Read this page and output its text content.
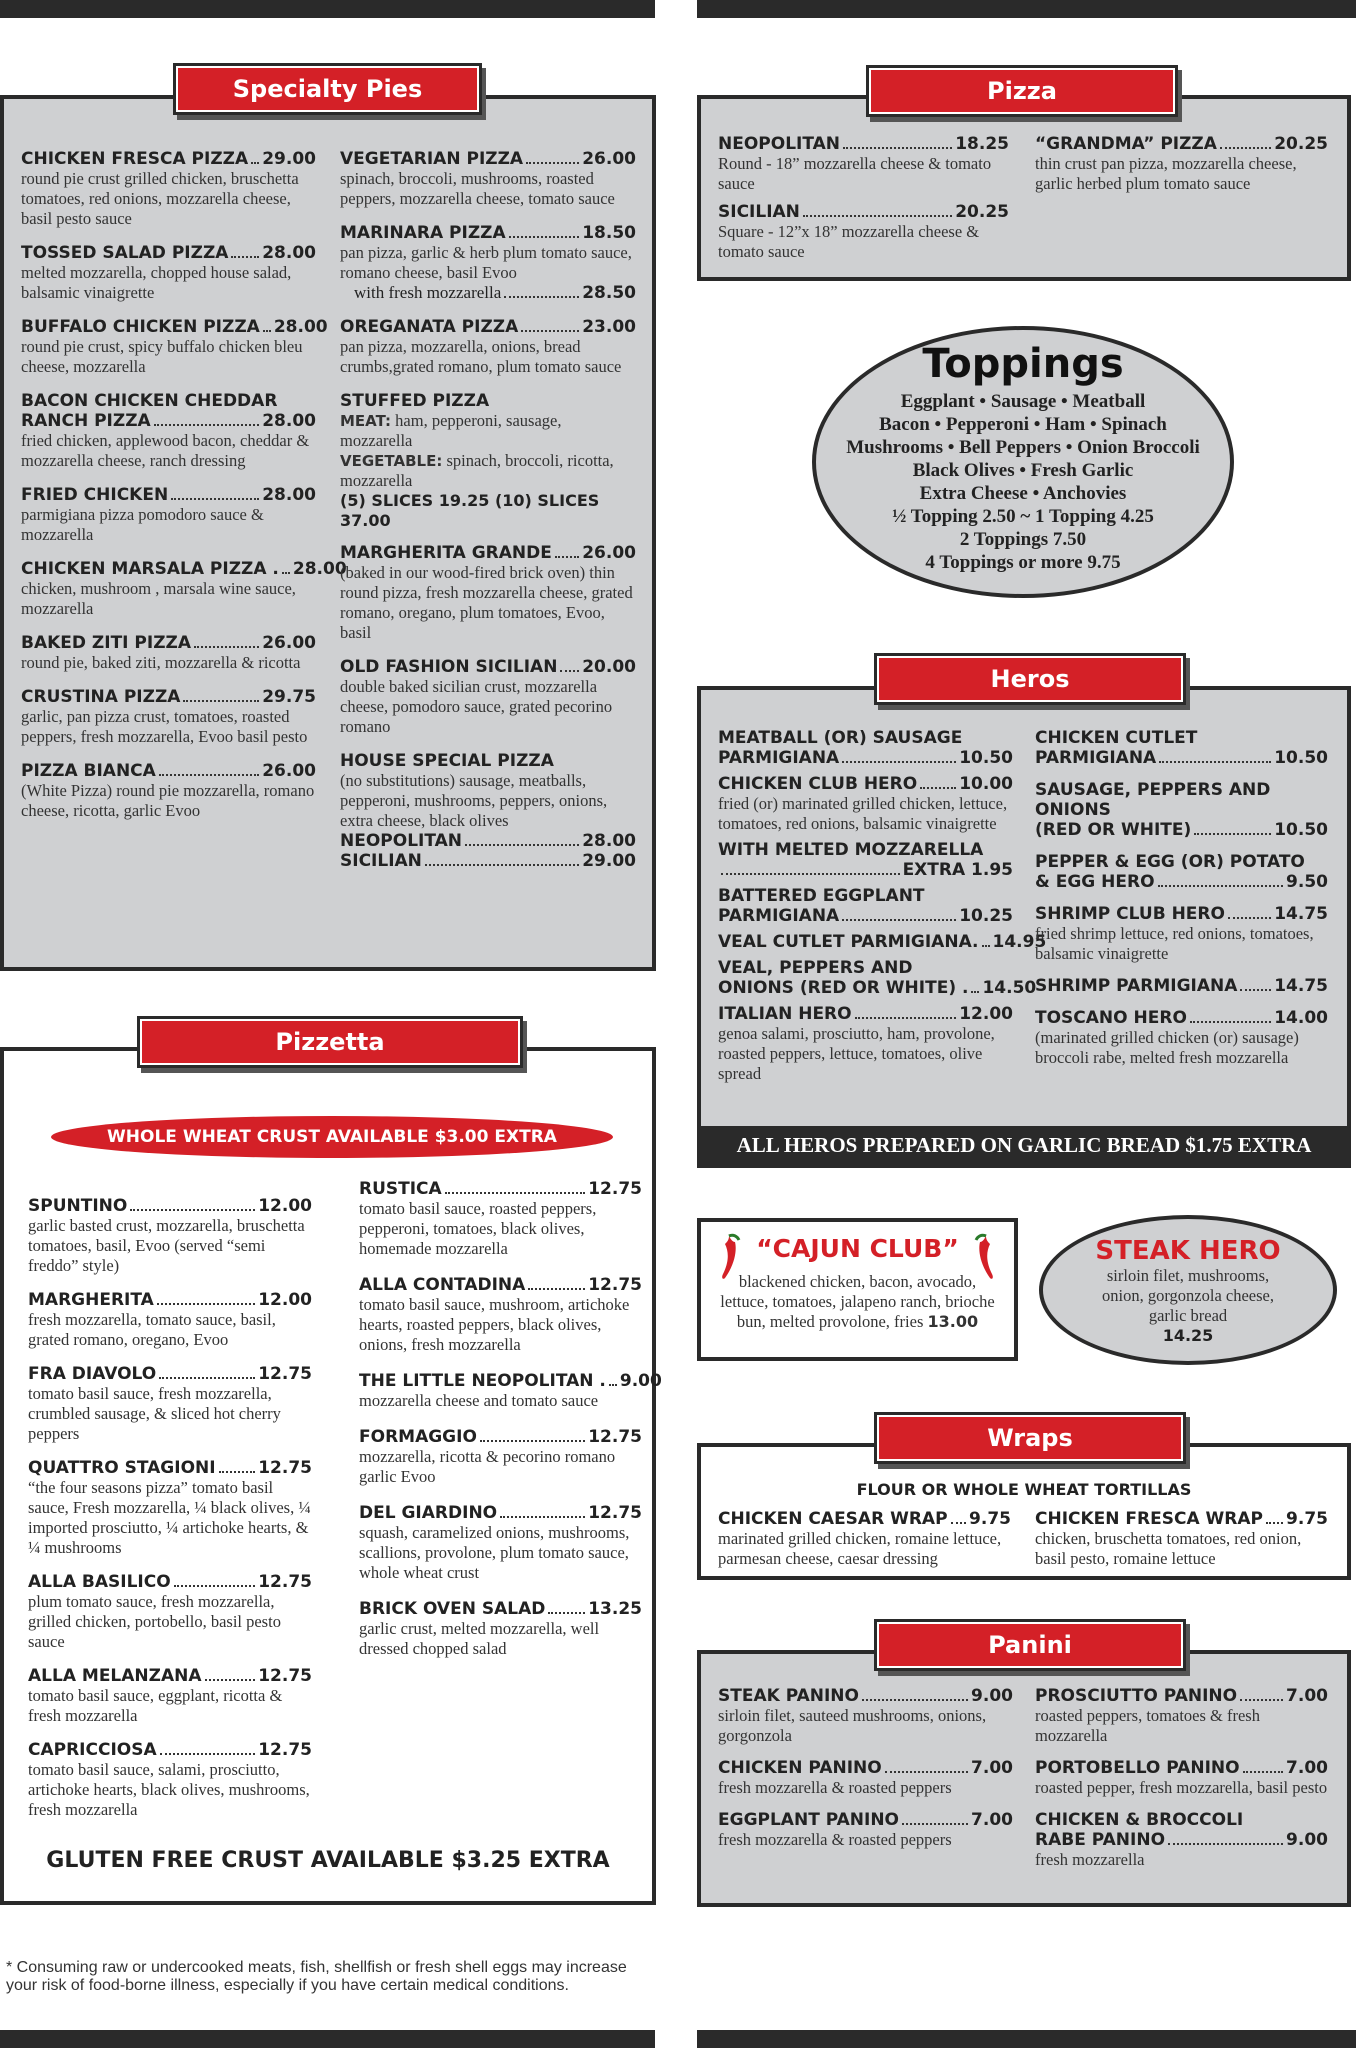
CHICKEN FRESCA PIZZA 29.00
round pie crust grilled chicken, bruschetta tomatoes, red onions, mozzarella cheese, basil pesto sauce
TOSSED SALAD PIZZA 28.00
melted mozzarella, chopped house salad, balsamic vinaigrette
BUFFALO CHICKEN PIZZA 28.00
round pie crust, spicy buffalo chicken bleu cheese, mozzarella
BACON CHICKEN CHEDDAR
RANCH PIZZA	28.00
fried chicken, applewood bacon, cheddar & mozzarella cheese, ranch dressing
FRIED CHICKEN	28.00
parmigiana pizza pomodoro sauce & mozzarella
CHICKEN MARSALA PIZZA . 28.00
chicken, mushroom , marsala wine sauce, mozzarella
BAKED ZITI PIZZA	26.00
round pie, baked ziti, mozzarella & ricotta
CRUSTINA PIZZA	29.75
garlic, pan pizza crust, tomatoes, roasted peppers, fresh mozzarella, Evoo basil pesto
PIZZA BIANCA	26.00
(White Pizza) round pie mozzarella, romano cheese, ricotta, garlic Evoo
VEGETARIAN PIZZA	26.00
spinach, broccoli, mushrooms, roasted peppers, mozzarella cheese, tomato sauce
MARINARA PIZZA	18.50
pan pizza, garlic & herb plum tomato sauce, romano cheese, basil Evoo
with fresh mozzarella	28.50
OREGANATA PIZZA	23.00
pan pizza, mozzarella, onions, bread crumbs,grated romano, plum tomato sauce
STUFFED PIZZA
MEAT: ham, pepperoni, sausage, mozzarella
VEGETABLE: spinach, broccoli, ricotta, mozzarella
(5) SLICES 19.25 (10) SLICES 37.00
MARGHERITA GRANDE 26.00
(baked in our wood-fired brick oven) thin round pizza, fresh mozzarella cheese, grated romano, oregano, plum tomatoes, Evoo, basil
OLD FASHION SICILIAN 20.00
double baked sicilian crust, mozzarella cheese, pomodoro sauce, grated pecorino romano
HOUSE SPECIAL PIZZA
(no substitutions) sausage, meatballs, pepperoni, mushrooms, peppers, onions, extra cheese, black olives
NEOPOLITAN	28.00
SICILIAN	29.00
Specialty Pies
NEOPOLITAN	18.25
Round - 18” mozzarella cheese & tomato sauce
SICILIAN	20.25
Square - 12”x 18” mozzarella cheese & tomato sauce
“GRANDMA” PIZZA	20.25
thin crust pan pizza, mozzarella cheese, garlic herbed plum tomato sauce
Pizza
Toppings
Eggplant • Sausage • Meatball
Bacon • Pepperoni • Ham • Spinach
Mushrooms • Bell Peppers • Onion Broccoli
Black Olives • Fresh Garlic
Extra Cheese • Anchovies
½ Topping 2.50 ~ 1 Topping 4.25
2 Toppings 7.50
4 Toppings or more 9.75
MEATBALL (OR) SAUSAGE
PARMIGIANA	10.50
CHICKEN CLUB HERO 10.00
fried (or) marinated grilled chicken, lettuce, tomatoes, red onions, balsamic vinaigrette
WITH MELTED MOZZARELLA
EXTRA 1.95
BATTERED EGGPLANT
PARMIGIANA	10.25
VEAL CUTLET PARMIGIANA. 14.95
VEAL, PEPPERS AND
ONIONS (RED OR WHITE) . 14.50
ITALIAN HERO	12.00
genoa salami, prosciutto, ham, provolone, roasted peppers, lettuce, tomatoes, olive spread
CHICKEN CUTLET
PARMIGIANA	10.50
SAUSAGE, PEPPERS AND ONIONS
(RED OR WHITE)	10.50
PEPPER & EGG (OR) POTATO
& EGG HERO	9.50
SHRIMP CLUB HERO	14.75
fried shrimp lettuce, red onions, tomatoes, balsamic vinaigrette
SHRIMP PARMIGIANA 14.75
TOSCANO HERO	14.00
(marinated grilled chicken (or) sausage) broccoli rabe, melted fresh mozzarella
ALL HEROS PREPARED ON GARLIC BREAD $1.75 EXTRA
Heros
“CAJUN CLUB”
blackened chicken, bacon, avocado, lettuce, tomatoes, jalapeno ranch, brioche bun, melted provolone, fries 13.00
STEAK HERO
sirloin filet, mushrooms, onion, gorgonzola cheese, garlic bread
14.25
FLOUR OR WHOLE WHEAT TORTILLAS
CHICKEN CAESAR WRAP 9.75
marinated grilled chicken, romaine lettuce, parmesan cheese, caesar dressing
CHICKEN FRESCA WRAP 9.75
chicken, bruschetta tomatoes, red onion, basil pesto, romaine lettuce
Wraps
STEAK PANINO	9.00
sirloin filet, sauteed mushrooms, onions, gorgonzola
CHICKEN PANINO	7.00
fresh mozzarella & roasted peppers
EGGPLANT PANINO	7.00
fresh mozzarella & roasted peppers
PROSCIUTTO PANINO	7.00
roasted peppers, tomatoes & fresh mozzarella
PORTOBELLO PANINO	7.00
roasted pepper, fresh mozzarella, basil pesto
CHICKEN & BROCCOLI
RABE PANINO	9.00
fresh mozzarella
Panini
WHOLE WHEAT CRUST AVAILABLE $3.00 EXTRA
SPUNTINO	12.00
garlic basted crust, mozzarella, bruschetta tomatoes, basil, Evoo (served “semi freddo” style)
MARGHERITA	12.00
fresh mozzarella, tomato sauce, basil, grated romano, oregano, Evoo
FRA DIAVOLO	12.75
tomato basil sauce, fresh mozzarella, crumbled sausage, & sliced hot cherry peppers
QUATTRO STAGIONI	12.75
“the four seasons pizza” tomato basil sauce, Fresh mozzarella, ¼ black olives, ¼ imported prosciutto, ¼ artichoke hearts, & ¼ mushrooms
ALLA BASILICO	12.75
plum tomato sauce, fresh mozzarella, grilled chicken, portobello, basil pesto sauce
ALLA MELANZANA	12.75
tomato basil sauce, eggplant, ricotta & fresh mozzarella
CAPRICCIOSA	12.75
tomato basil sauce, salami, prosciutto, artichoke hearts, black olives, mushrooms, fresh mozzarella
RUSTICA	12.75
tomato basil sauce, roasted peppers, pepperoni, tomatoes, black olives, homemade mozzarella
ALLA CONTADINA	12.75
tomato basil sauce, mushroom, artichoke hearts, roasted peppers, black olives, onions, fresh mozzarella
THE LITTLE NEOPOLITAN . 9.00
mozzarella cheese and tomato sauce
FORMAGGIO	12.75
mozzarella, ricotta & pecorino romano garlic Evoo
DEL GIARDINO	12.75
squash, caramelized onions, mushrooms, scallions, provolone, plum tomato sauce, whole wheat crust
BRICK OVEN SALAD	13.25
garlic crust, melted mozzarella, well dressed chopped salad
GLUTEN FREE CRUST AVAILABLE $3.25 EXTRA
Pizzetta
* Consuming raw or undercooked meats, fish, shellfish or fresh shell eggs may increase your risk of food-borne illness, especially if you have certain medical conditions.
